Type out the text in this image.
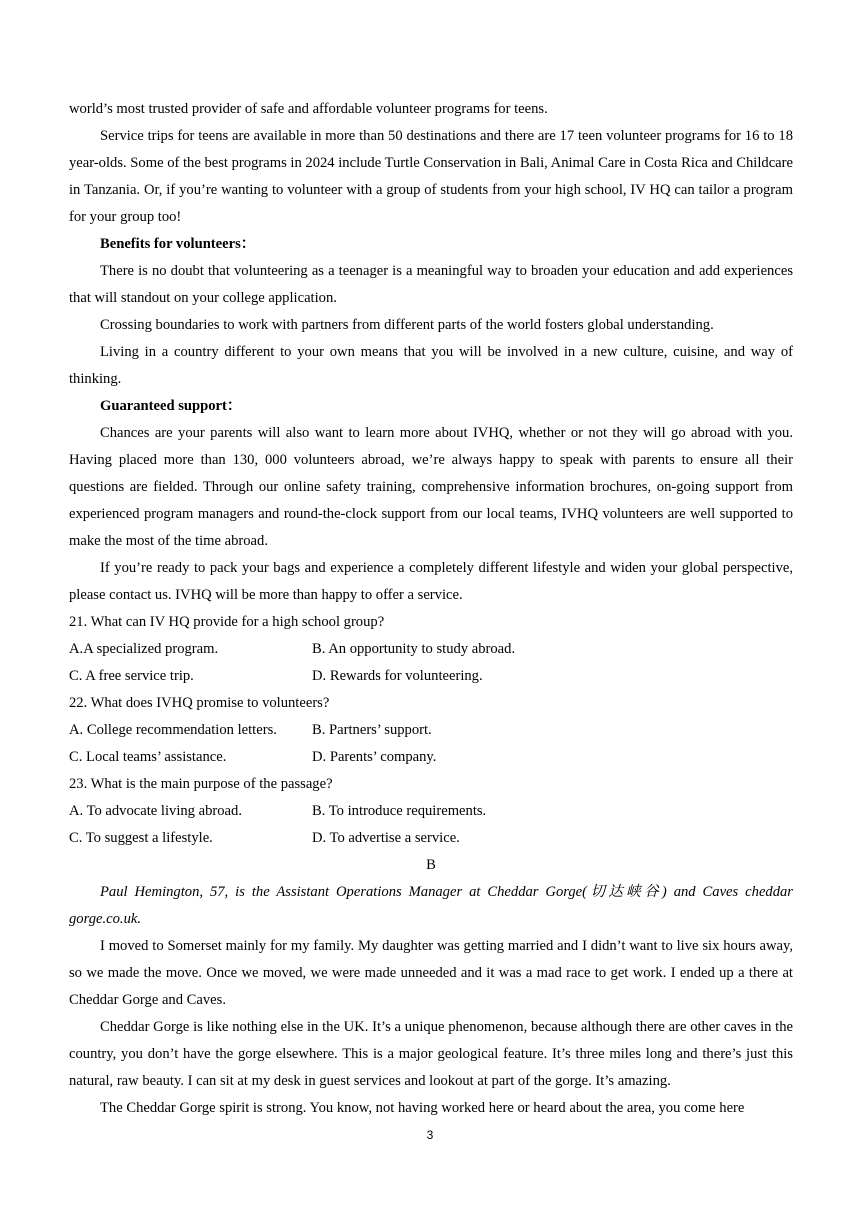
world’s most trusted provider of safe and affordable volunteer programs for teens.

Service trips for teens are available in more than 50 destinations and there are 17 teen volunteer programs for 16 to 18 year-olds. Some of the best programs in 2024 include Turtle Conservation in Bali, Animal Care in Costa Rica and Childcare in Tanzania. Or, if you’re wanting to volunteer with a group of students from your high school, IV HQ can tailor a program for your group too!

Benefits for volunteers：

There is no doubt that volunteering as a teenager is a meaningful way to broaden your education and add experiences that will standout on your college application.

Crossing boundaries to work with partners from different parts of the world fosters global understanding.

Living in a country different to your own means that you will be involved in a new culture, cuisine, and way of thinking.

Guaranteed support：

Chances are your parents will also want to learn more about IVHQ, whether or not they will go abroad with you. Having placed more than 130, 000 volunteers abroad, we’re always happy to speak with parents to ensure all their questions are fielded. Through our online safety training, comprehensive information brochures, on-going support from experienced program managers and round-the-clock support from our local teams, IVHQ volunteers are well supported to make the most of the time abroad.

If you’re ready to pack your bags and experience a completely different lifestyle and widen your global perspective, please contact us. IVHQ will be more than happy to offer a service.

21. What can IV HQ provide for a high school group?
A.A specialized program.	B. An opportunity to study abroad.
C. A free service trip.	D. Rewards for volunteering.
22. What does IVHQ promise to volunteers?
A. College recommendation letters.	B. Partners’ support.
C. Local teams’ assistance.	D. Parents’ company.
23. What is the main purpose of the passage?
A. To advocate living abroad.	B. To introduce requirements.
C. To suggest a lifestyle.	D. To advertise a service.
B

Paul Hemington, 57, is the Assistant Operations Manager at Cheddar Gorge(切达峡谷) and Caves cheddar gorge.co.uk.

I moved to Somerset mainly for my family. My daughter was getting married and I didn’t want to live six hours away, so we made the move. Once we moved, we were made unneeded and it was a mad race to get work. I ended up a there at Cheddar Gorge and Caves.

Cheddar Gorge is like nothing else in the UK. It’s a unique phenomenon, because although there are other caves in the country, you don’t have the gorge elsewhere. This is a major geological feature. It’s three miles long and there’s just this natural, raw beauty. I can sit at my desk in guest services and lookout at part of the gorge. It’s amazing.

The Cheddar Gorge spirit is strong. You know, not having worked here or heard about the area, you come here

3
